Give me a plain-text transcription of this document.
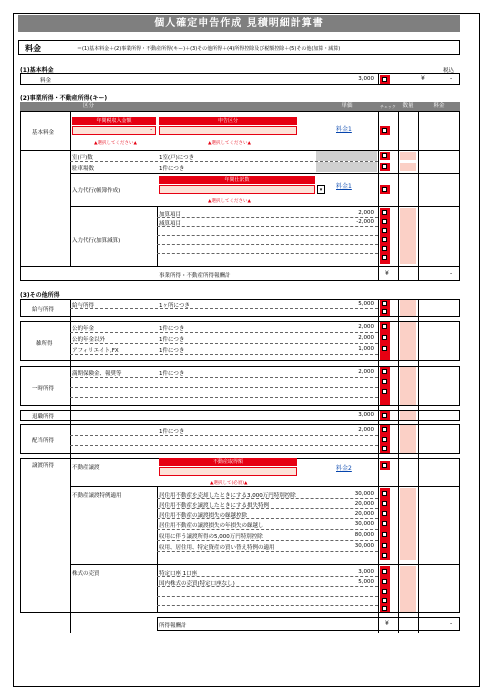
個人確定申告作成 見積明細計算書
料金	＝(1)基本料金＋(2)事業所得・不動産所得(キー)＋(3)その他所得＋(4)所得控除及び税額控除＋(5)その他(加算・減算)
(1)基本料金	税込
料金	3,000	¥	-
(2)事業所得・不動産所得(キー)
区分	単価	チェック	数量	料金
基本料金
年間税収入金額	申告区分
-
▲選択してください▲	▲選択してください▲
料金1
室(戸)数	1室(戸)につき
駐車場数	1件につき
入力代行(帳簿作成)
年間仕訳数
▾
▲選択してください▲
料金1
入力代行(加算減算)
加算項目	2,000
減算項目	-2,000
事業所得・不動産所得報酬計	¥	-
(3)その他所得
給与所得
給与所得	1ヶ所につき	5,000
雑所得
公的年金	1件につき	2,000
公的年金以外	1件につき	2,000
アフィリエイト,FX	1件につき	1,000
一時所得
満期保険金、報奨等	1件につき	2,000
退職所得	3,000
配当所得
1件につき	2,000
譲渡所得	不動産譲渡
不動産取得額
▲選択して(必須)▲
料金2
不動産譲渡特例適用	居住用不動産を売却したときにする3,000万円特別控除	30,000
居住用不動産を譲渡したときにする損失特例	20,000
居住用不動産の譲渡損失の繰越控除	20,000
居住用不動産の譲渡損失の年損失の繰越し	30,000
収用に伴う譲渡所得の5,000万円特別控除	80,000
収用、居住用、特定資産の買い替え特例の適用	30,000
株式の売買	特定口座 1口座	3,000
国内株式の売買(特定口座なし)	5,000
所得報酬計	¥	-
